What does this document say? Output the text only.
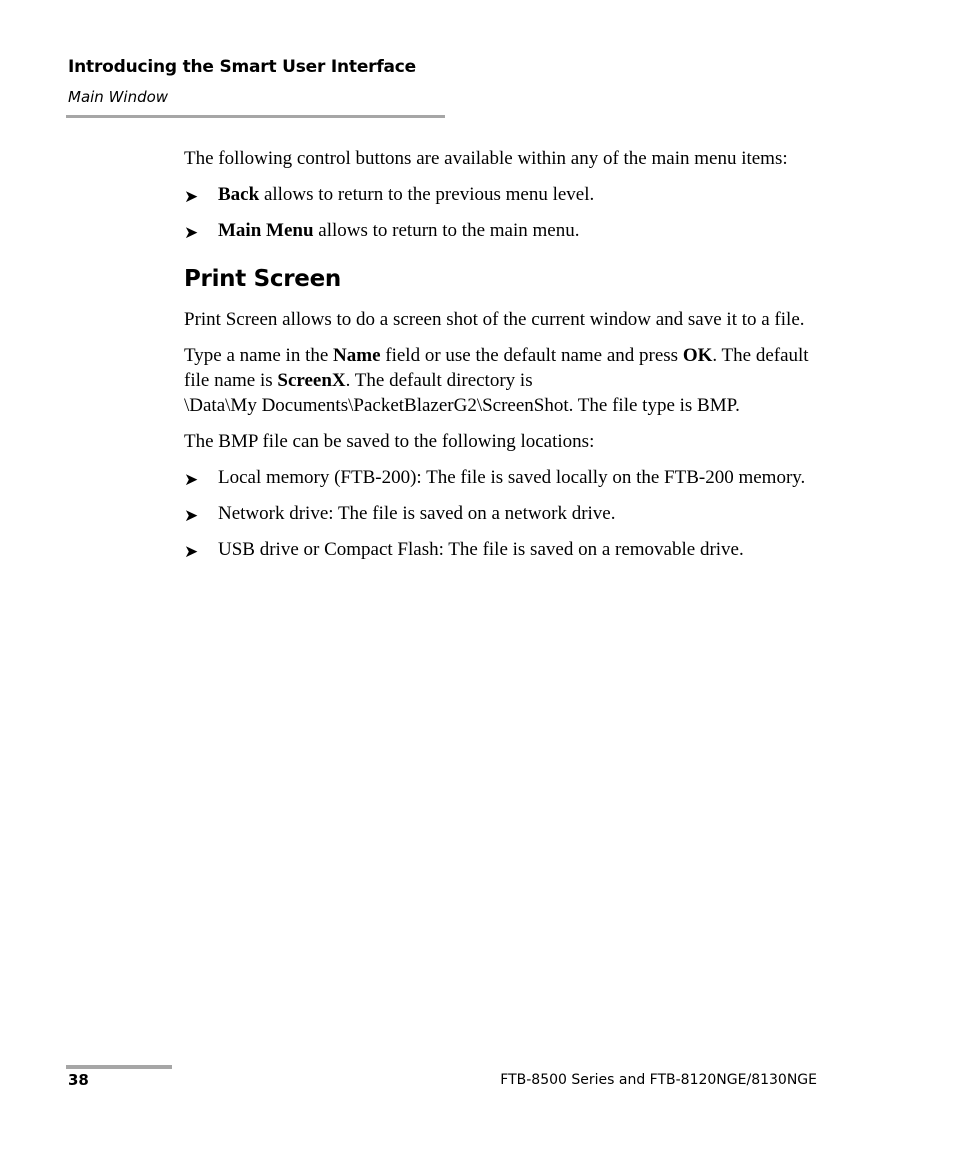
Introducing the Smart User Interface
Main Window

The following control buttons are available within any of the main menu items:

➤	Back allows to return to the previous menu level.
➤	Main Menu allows to return to the main menu.
Print Screen

Print Screen allows to do a screen shot of the current window and save it to a file.

Type a name in the Name field or use the default name and press OK. The default file name is ScreenX. The default directory is
\Data\My Documents\PacketBlazerG2\ScreenShot. The file type is BMP.

The BMP file can be saved to the following locations:

➤	Local memory (FTB-200): The file is saved locally on the FTB-200 memory.
➤	Network drive: The file is saved on a network drive.
➤	USB drive or Compact Flash: The file is saved on a removable drive.
38	FTB-8500 Series and FTB-8120NGE/8130NGE
